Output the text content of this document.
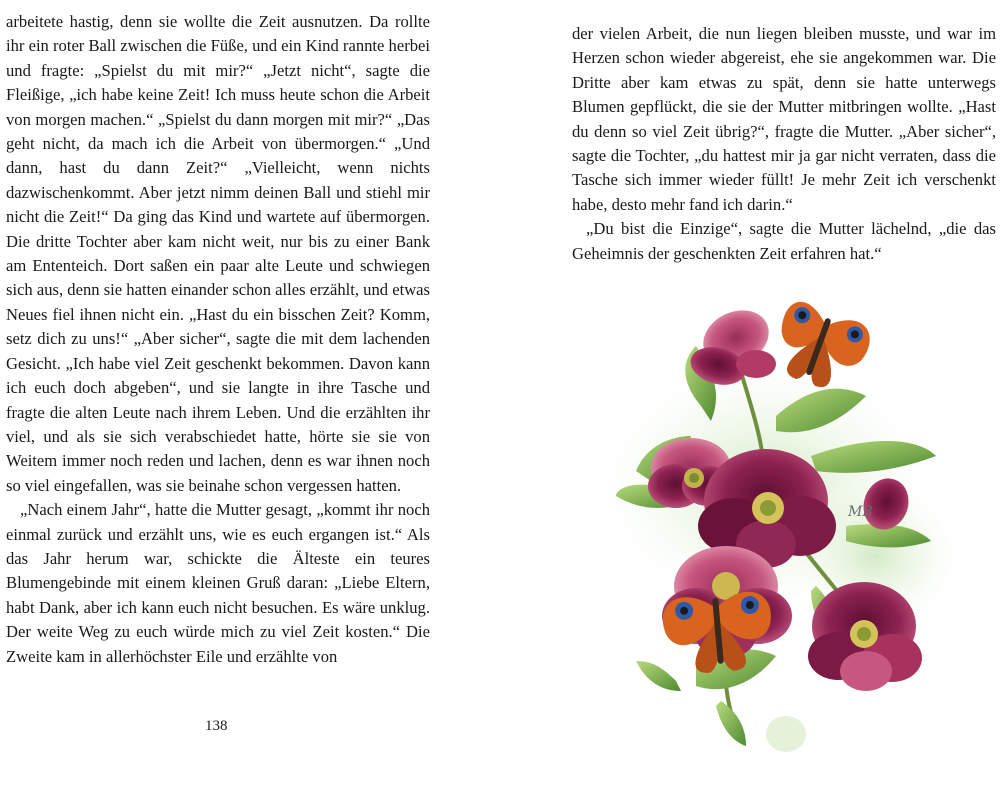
arbeitete hastig, denn sie wollte die Zeit ausnutzen. Da rollte ihr ein roter Ball zwischen die Füße, und ein Kind rannte herbei und fragte: „Spielst du mit mir?“ „Jetzt nicht“, sagte die Fleißige, „ich habe keine Zeit! Ich muss heute schon die Arbeit von morgen machen.“ „Spielst du dann morgen mit mir?“ „Das geht nicht, da mach ich die Arbeit von übermorgen.“ „Und dann, hast du dann Zeit?“ „Vielleicht, wenn nichts dazwischenkommt. Aber jetzt nimm deinen Ball und stiehl mir nicht die Zeit!“ Da ging das Kind und wartete auf übermorgen. Die dritte Tochter aber kam nicht weit, nur bis zu einer Bank am Ententeich. Dort saßen ein paar alte Leute und schwiegen sich aus, denn sie hatten einander schon alles erzählt, und etwas Neues fiel ihnen nicht ein. „Hast du ein bisschen Zeit? Komm, setz dich zu uns!“ „Aber sicher“, sagte die mit dem lachenden Gesicht. „Ich habe viel Zeit geschenkt bekommen. Davon kann ich euch doch abgeben“, und sie langte in ihre Tasche und fragte die alten Leute nach ihrem Leben. Und die erzählten ihr viel, und als sie sich verabschiedet hatte, hörte sie sie von Weitem immer noch reden und lachen, denn es war ihnen noch so viel eingefallen, was sie beinahe schon vergessen hatten.

„Nach einem Jahr“, hatte die Mutter gesagt, „kommt ihr noch einmal zurück und erzählt uns, wie es euch ergangen ist.“ Als das Jahr herum war, schickte die Älteste ein teures Blumengebinde mit einem kleinen Gruß daran: „Liebe Eltern, habt Dank, aber ich kann euch nicht besuchen. Es wäre unklug. Der weite Weg zu euch würde mich zu viel Zeit kosten.“ Die Zweite kam in allerhöchster Eile und erzählte von

138

der vielen Arbeit, die nun liegen bleiben musste, und war im Herzen schon wieder abgereist, ehe sie angekommen war. Die Dritte aber kam etwas zu spät, denn sie hatte unterwegs Blumen gepflückt, die sie der Mutter mitbringen wollte. „Hast du denn so viel Zeit übrig?“, fragte die Mutter. „Aber sicher“, sagte die Tochter, „du hattest mir ja gar nicht verraten, dass die Tasche sich immer wieder füllt! Je mehr Zeit ich verschenkt habe, desto mehr fand ich darin.“

„Du bist die Einzige“, sagte die Mutter lächelnd, „die das Geheimnis der geschenkten Zeit erfahren hat.“

MB
